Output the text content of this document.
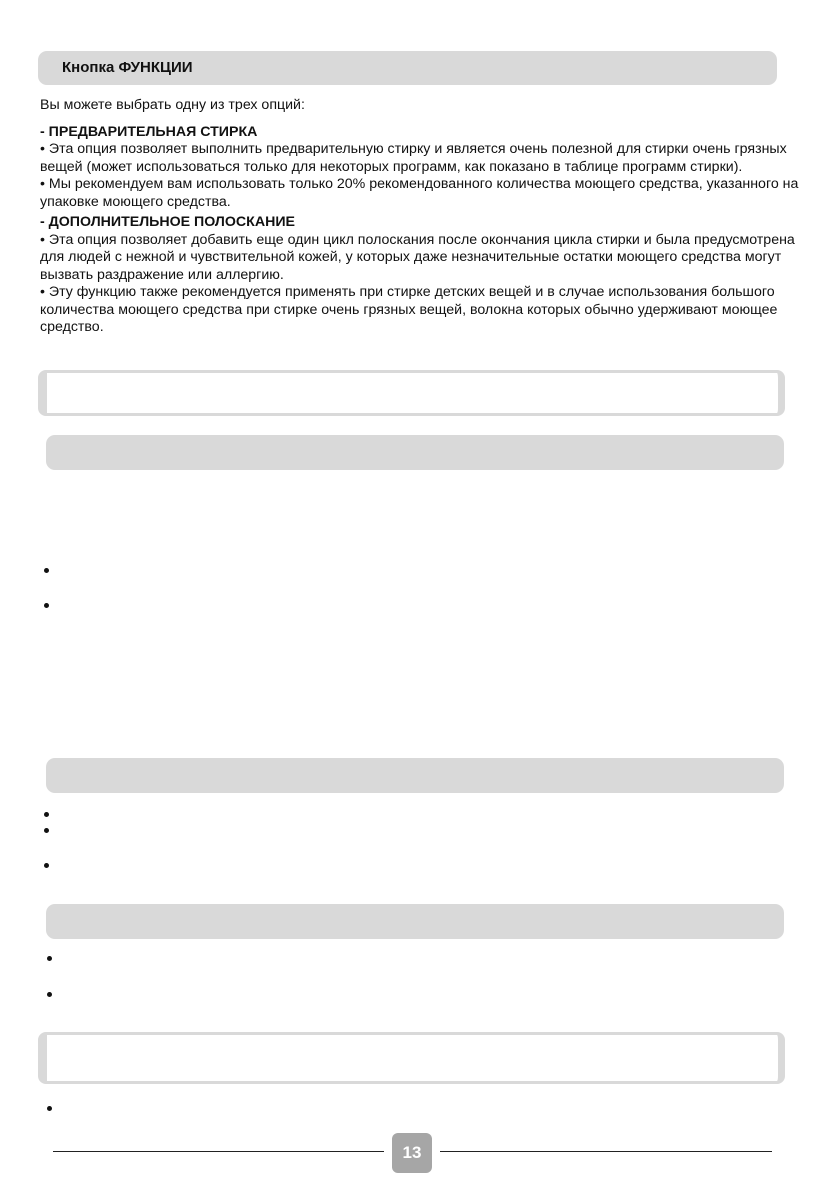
Кнопка ФУНКЦИИ

Вы можете выбрать одну из трех опций:

- ПРЕДВАРИТЕЛЬНАЯ СТИРКА

• Эта опция позволяет выполнить предварительную стирку и является очень полезной для стирки очень грязных вещей (может использоваться только для некоторых программ, как показано в таблице программ стирки).

• Мы рекомендуем вам использовать только 20% рекомендованного количества моющего средства, указанного на упаковке моющего средства.

- ДОПОЛНИТЕЛЬНОЕ ПОЛОСКАНИЕ

• Эта опция позволяет добавить еще один цикл полоскания после окончания цикла стирки и была предусмотрена для людей с нежной и чувствительной кожей, у которых даже незначительные остатки моющего средства могут вызвать раздражение или аллергию.

• Эту функцию также рекомендуется применять при стирке детских вещей и в случае использования большого количества моющего средства при стирке очень грязных вещей, волокна которых обычно удерживают моющее средство.

13
